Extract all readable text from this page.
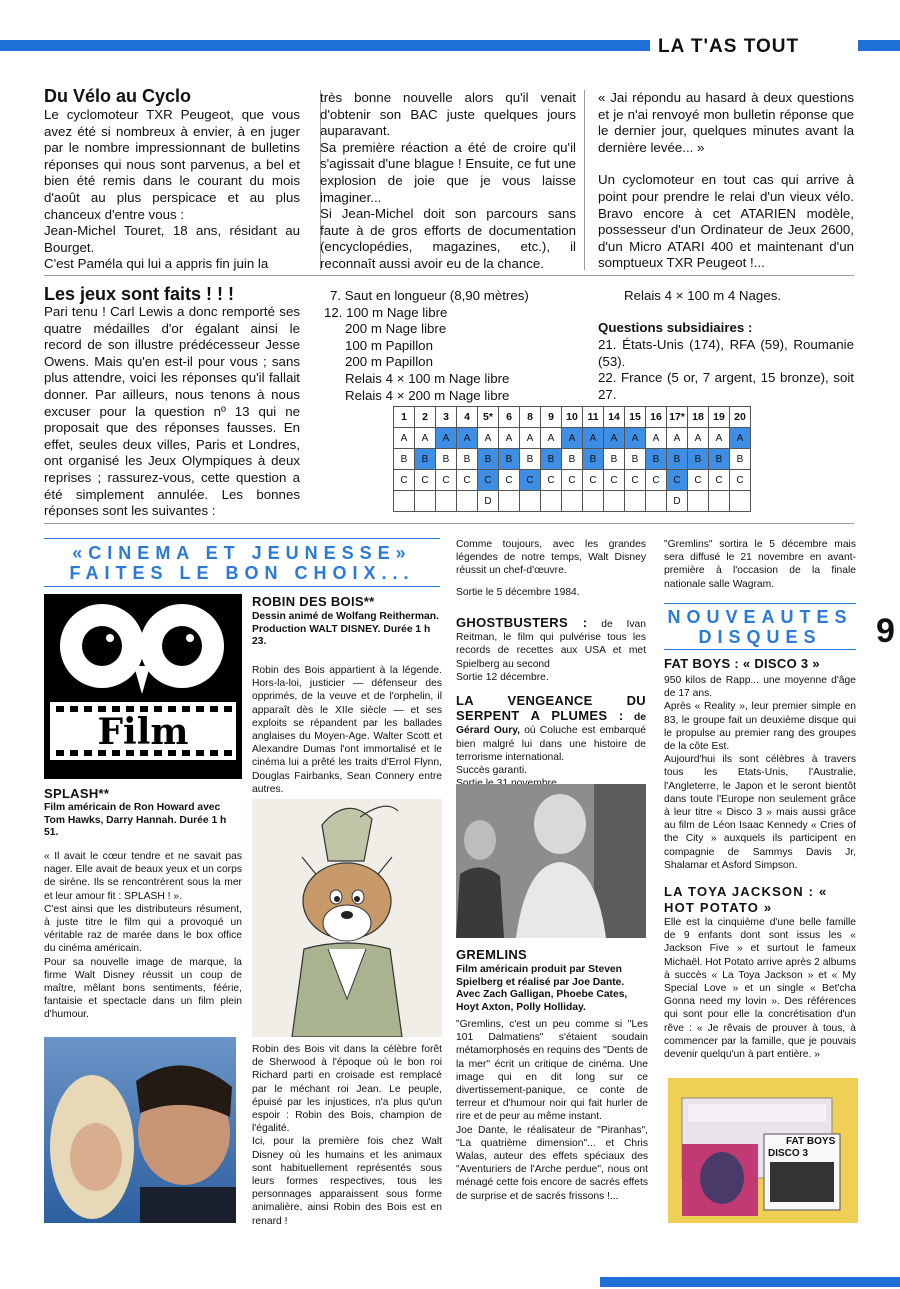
LA T'AS TOUT
Du Vélo au Cyclo

Le cyclomoteur TXR Peugeot, que vous avez été si nombreux à envier, à en juger par le nombre impressionnant de bulletins réponses qui nous sont parvenus, a bel et bien été remis dans le courant du mois d'août au plus perspicace et au plus chanceux d'entre vous :

Jean-Michel Touret, 18 ans, résidant au Bourget.

C'est Paméla qui lui a appris fin juin la

très bonne nouvelle alors qu'il venait d'obtenir son BAC juste quelques jours auparavant.

Sa première réaction a été de croire qu'il s'agissait d'une blague ! Ensuite, ce fut une explosion de joie que je vous laisse imaginer...

Si Jean-Michel doit son parcours sans faute à de gros efforts de documentation (encyclopédies, magazines, etc.), il reconnaît aussi avoir eu de la chance.

« Jai répondu au hasard à deux questions et je n'ai renvoyé mon bulletin réponse que le dernier jour, quelques minutes avant la dernière levée... »

Un cyclomoteur en tout cas qui arrive à point pour prendre le relai d'un vieux vélo. Bravo encore à cet ATARIEN modèle, possesseur d'un Ordinateur de Jeux 2600, d'un Micro ATARI 400 et maintenant d'un somptueux TXR Peugeot !...

Les jeux sont faits ! ! !
Pari tenu ! Carl Lewis a donc remporté ses quatre médailles d'or égalant ainsi le record de son illustre prédécesseur Jesse Owens. Mais qu'en est-il pour vous ; sans plus attendre, voici les réponses qu'il fallait donner. Par ailleurs, nous tenons à nous excuser pour la question nº 13 qui ne proposait que des réponses fausses. En effet, seules deux villes, Paris et Londres, ont organisé les Jeux Olympiques à deux reprises ; rassurez-vous, cette question a été simplement annulée. Les bonnes réponses sont les suivantes :
7. Saut en longueur (8,90 mètres)
12. 100 m Nage libre
200 m Nage libre
100 m Papillon
200 m Papillon
Relais 4 × 100 m Nage libre
Relais 4 × 200 m Nage libre
Relais 4 × 100 m 4 Nages.
Questions subsidiaires :

21. États-Unis (174), RFA (59), Roumanie (53).

22. France (5 or, 7 argent, 15 bronze), soit 27.

1	2	3	4	5*	6	8	9	10	11	14	15	16	17*	18	19	20
A	A	A	A	A	A	A	A	A	A	A	A	A	A	A	A	A
B	B	B	B	B	B	B	B	B	B	B	B	B	B	B	B	B
C	C	C	C	C	C	C	C	C	C	C	C	C	C	C	C	C
				D									D			
«CINEMA ET JEUNESSE»
FAITES LE BON CHOIX...
Film
SPLASH**
Film américain de Ron Howard avec Tom Hawks, Darry Hannah. Durée 1 h 51.

« Il avait le cœur tendre et ne savait pas nager. Elle avait de beaux yeux et un corps de sirène. Ils se rencontrèrent sous la mer et leur amour fit : SPLASH ! ».

C'est ainsi que les distributeurs résument, à juste titre le film qui a provoqué un véritable raz de marée dans le box office du cinéma américain.

Pour sa nouvelle image de marque, la firme Walt Disney réussit un coup de maître, mêlant bons sentiments, féérie, fantaisie et spectacle dans un film plein d'humour.

ROBIN DES BOIS**
Dessin animé de Wolfang Reitherman. Production WALT DISNEY. Durée 1 h 23.
Robin des Bois appartient à la légende. Hors-la-loi, justicier — défenseur des opprimés, de la veuve et de l'orphelin, il apparaît dès le XIIe siècle — et ses exploits se répandent par les ballades anglaises du Moyen-Age. Walter Scott et Alexandre Dumas l'ont immortalisé et le cinéma lui a prêté les traits d'Errol Flynn, Douglas Fairbanks, Sean Connery entre autres.

Robin des Bois vit dans la célèbre forêt de Sherwood à l'époque où le bon roi Richard parti en croisade est remplacé par le méchant roi Jean. Le peuple, épuisé par les injustices, n'a plus qu'un espoir : Robin des Bois, champion de l'égalité.

Ici, pour la première fois chez Walt Disney où les humains et les animaux sont habituellement représentés sous leurs formes respectives, tous les personnages apparaissent sous forme animalière, ainsi Robin des Bois est en renard !

Comme toujours, avec les grandes légendes de notre temps, Walt Disney réussit un chef-d'œuvre.

Sortie le 5 décembre 1984.

GHOSTBUSTERS : de Ivan Reitman, le film qui pulvérise tous les records de recettes aux USA et met Spielberg au second
Sortie 12 décembre.
LA VENGEANCE DU SERPENT A PLUMES : de Gérard Oury, où Coluche est embarqué bien malgré lui dans une histoire de terrorisme international.
Succès garanti.
GREMLINS
Film américain produit par Steven Spielberg et réalisé par Joe Dante. Avec Zach Galligan, Phoebe Cates, Hoyt Axton, Polly Holliday.

"Gremlins, c'est un peu comme si "Les 101 Dalmatiens" s'étaient soudain métamorphosés en requins des "Dents de la mer" écrit un critique de cinéma. Une image qui en dit long sur ce divertissement-panique, ce conte de terreur et d'humour noir qui fait hurler de rire et de peur au même instant.

Joe Dante, le réalisateur de "Piranhas", "La quatrième dimension"... et Chris Walas, auteur des effets spéciaux des "Aventuriers de l'Arche perdue", nous ont ménagé cette fois encore de sacrés effets de surprise et de sacrés frissons !...

"Gremlins" sortira le 5 décembre mais sera diffusé le 21 novembre en avant-première à l'occasion de la finale nationale salle Wagram.
NOUVEAUTES
DISQUES	9
FAT BOYS : « DISCO 3 »

950 kilos de Rapp... une moyenne d'âge de 17 ans.

Après « Reality », leur premier simple en 83, le groupe fait un deuxième disque qui le propulse au premier rang des groupes de la côte Est.

Aujourd'hui ils sont célèbres à travers tous les Etats-Unis, l'Australie, l'Angleterre, le Japon et le seront bientôt dans toute l'Europe non seulement grâce à leur titre « Disco 3 » mais aussi grâce au film de Léon Isaac Kennedy « Cries of the City » auxquels ils participent en compagnie de Sammys Davis Jr, Shalamar et Asford Simpson.

LA TOYA JACKSON : « HOT POTATO »
Elle est la cinquième d'une belle famille de 9 enfants dont sont issus les « Jackson Five » et surtout le fameux Michaël. Hot Potato arrive après 2 albums à succès « La Toya Jackson » et « My Special Love » et un single « Bet'cha Gonna need my lovin ». Des références qui sont pour elle la concrétisation d'un rêve : « Je rêvais de prouver à tous, à commencer par la famille, que je pouvais devenir quelqu'un à part entière. »
FAT BOYS
DISCO 3
